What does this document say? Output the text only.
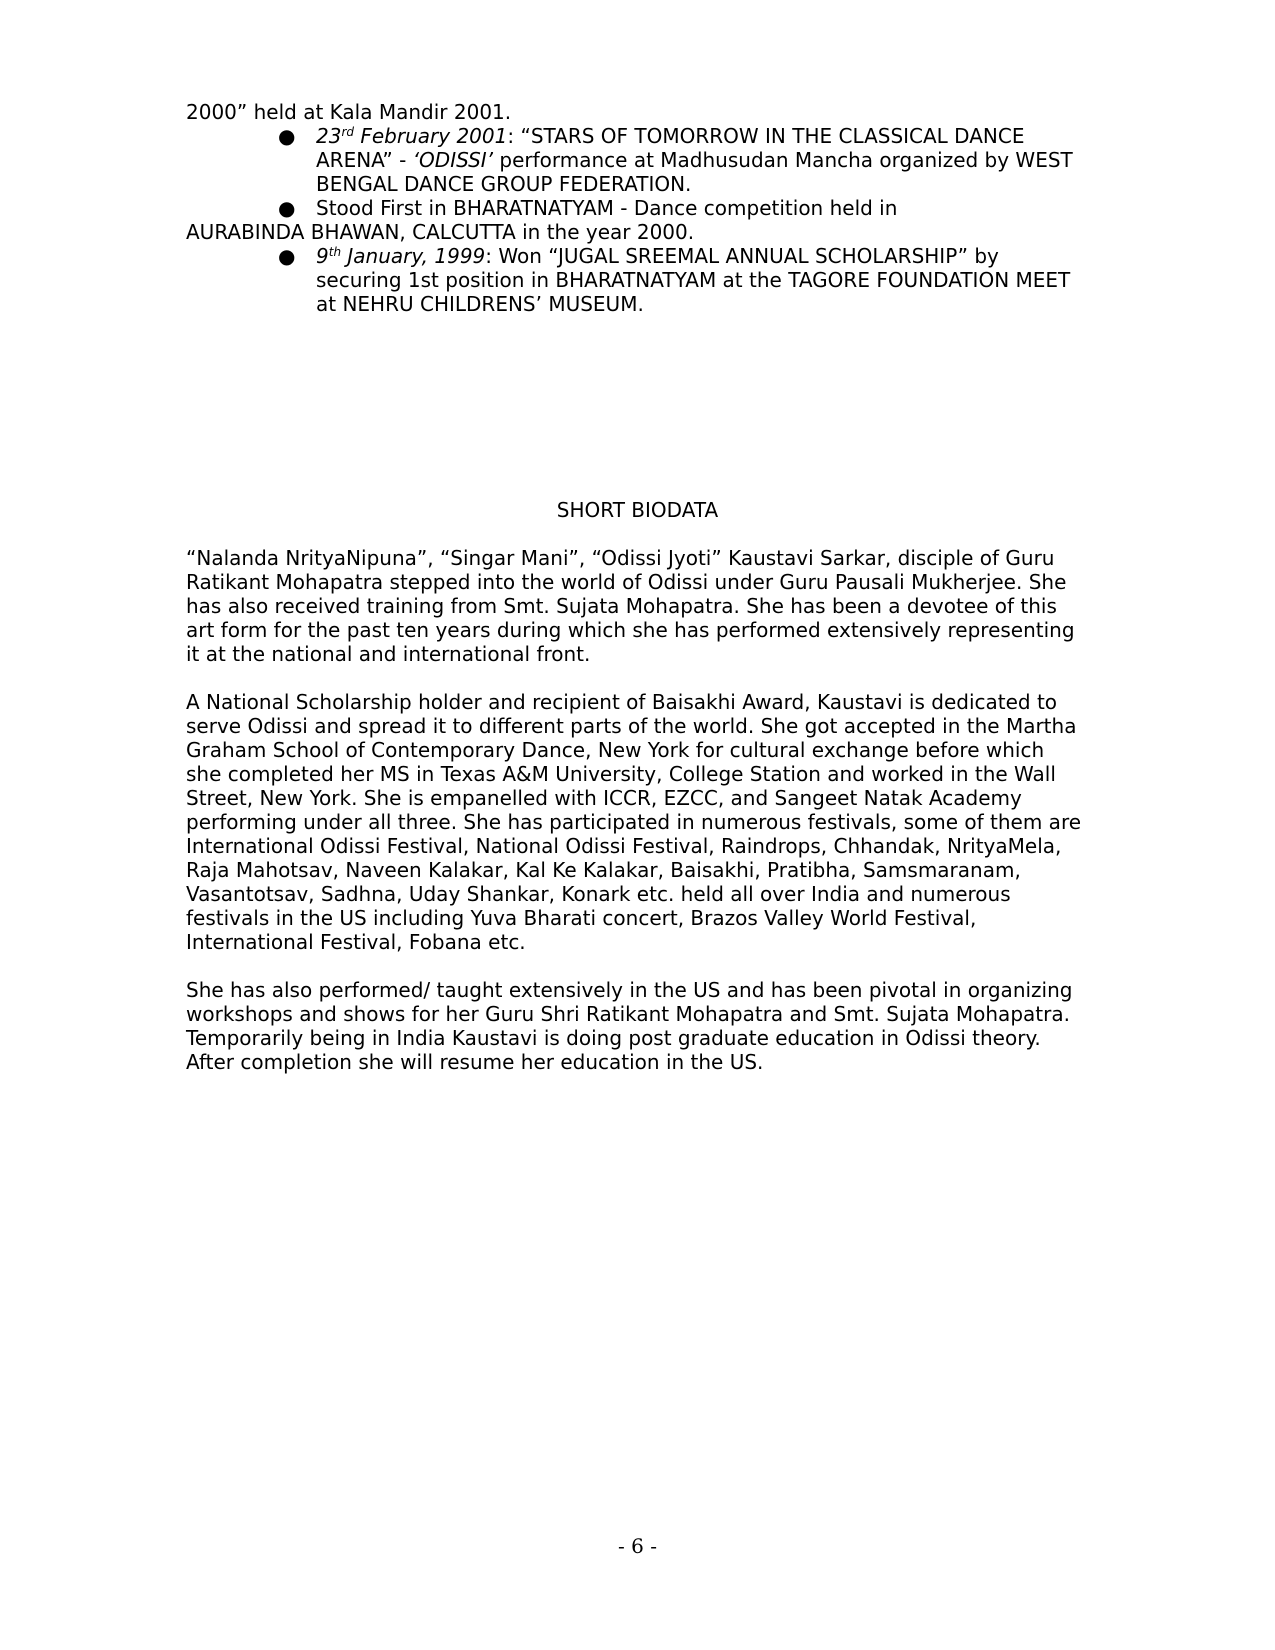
2000” held at Kala Mandir 2001.
● 23rd February 2001: “STARS OF TOMORROW IN THE CLASSICAL DANCE
ARENA” - ‘ODISSI’ performance at Madhusudan Mancha organized by WEST
BENGAL DANCE GROUP FEDERATION.
● Stood First in BHARATNATYAM - Dance competition held in
AURABINDA BHAWAN, CALCUTTA in the year 2000.
● 9th January, 1999: Won “JUGAL SREEMAL ANNUAL SCHOLARSHIP” by
securing 1st position in BHARATNATYAM at the TAGORE FOUNDATION MEET
at NEHRU CHILDRENS’ MUSEUM.
SHORT BIODATA
“Nalanda NrityaNipuna”, “Singar Mani”, “Odissi Jyoti” Kaustavi Sarkar, disciple of Guru
Ratikant Mohapatra stepped into the world of Odissi under Guru Pausali Mukherjee. She
has also received training from Smt. Sujata Mohapatra. She has been a devotee of this
art form for the past ten years during which she has performed extensively representing
it at the national and international front.
A National Scholarship holder and recipient of Baisakhi Award, Kaustavi is dedicated to
serve Odissi and spread it to different parts of the world. She got accepted in the Martha
Graham School of Contemporary Dance, New York for cultural exchange before which
she completed her MS in Texas A&M University, College Station and worked in the Wall
Street, New York. She is empanelled with ICCR, EZCC, and Sangeet Natak Academy
performing under all three. She has participated in numerous festivals, some of them are
International Odissi Festival, National Odissi Festival, Raindrops, Chhandak, NrityaMela,
Raja Mahotsav, Naveen Kalakar, Kal Ke Kalakar, Baisakhi, Pratibha, Samsmaranam,
Vasantotsav, Sadhna, Uday Shankar, Konark etc. held all over India and numerous
festivals in the US including Yuva Bharati concert, Brazos Valley World Festival,
International Festival, Fobana etc.
She has also performed/ taught extensively in the US and has been pivotal in organizing
workshops and shows for her Guru Shri Ratikant Mohapatra and Smt. Sujata Mohapatra.
Temporarily being in India Kaustavi is doing post graduate education in Odissi theory.
After completion she will resume her education in the US.
- 6 -
